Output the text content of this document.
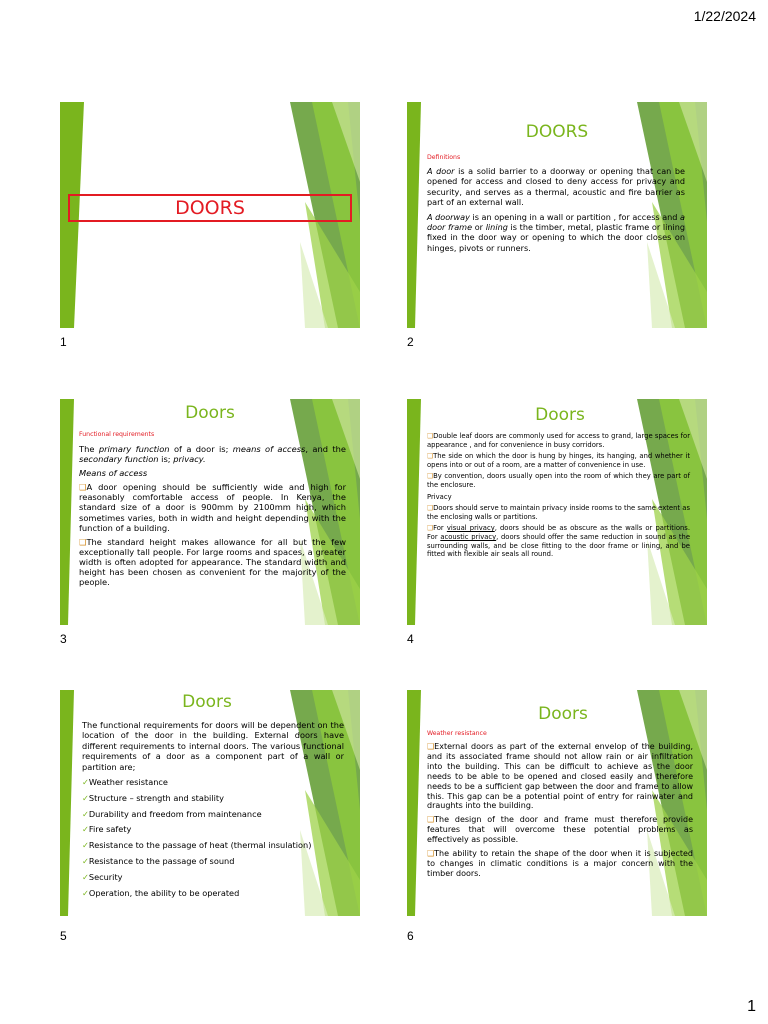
1/22/2024
DOORS
1
DOORS
Definitions

A door is a solid barrier to a doorway or opening that can be opened for access and closed to deny access for privacy and security, and serves as a thermal, acoustic and fire barrier as part of an external wall.

A doorway is an opening in a wall or partition , for access and a door frame or lining is the timber, metal, plastic frame or lining fixed in the door way or opening to which the door closes on hinges, pivots or runners.

2
Doors
Functional requirements

The primary function of a door is; means of access, and the secondary function is; privacy.

Means of access

❑A door opening should be sufficiently wide and high for reasonably comfortable access of people. In Kenya, the standard size of a door is 900mm by 2100mm high, which sometimes varies, both in width and height depending with the function of a building.

❑The standard height makes allowance for all but the few exceptionally tall people. For large rooms and spaces, a greater width is often adopted for appearance. The standard width and height has been chosen as convenient for the majority of the people.

3
Doors

❑Double leaf doors are commonly used for access to grand, large spaces for appearance , and for convenience in busy corridors.

❑The side on which the door is hung by hinges, its hanging, and whether it opens into or out of a room, are a matter of convenience in use.

❑By convention, doors usually open into the room of which they are part of the enclosure.

Privacy

❑Doors should serve to maintain privacy inside rooms to the same extent as the enclosing walls or partitions.

❑For visual privacy, doors should be as obscure as the walls or partitions. For acoustic privacy, doors should offer the same reduction in sound as the surrounding walls, and be close fitting to the door frame or lining, and be fitted with flexible air seals all round.

4
Doors

The functional requirements for doors will be dependent on the location of the door in the building. External doors have different requirements to internal doors. The various functional requirements of a door as a component part of a wall or partition are;

✓Weather resistance
✓Structure – strength and stability
✓Durability and freedom from maintenance
✓Fire safety
✓Resistance to the passage of heat (thermal insulation)
✓Resistance to the passage of sound
✓Security
✓Operation, the ability to be operated
5
Doors
Weather resistance

❑External doors as part of the external envelop of the building, and its associated frame should not allow rain or air infiltration into the building. This can be difficult to achieve as the door needs to be able to be opened and closed easily and therefore needs to be a sufficient gap between the door and frame to allow this. This gap can be a potential point of entry for rainwater and draughts into the building.

❑The design of the door and frame must therefore provide features that will overcome these potential problems as effectively as possible.

❑The ability to retain the shape of the door when it is subjected to changes in climatic conditions is a major concern with the timber doors.

6
1
